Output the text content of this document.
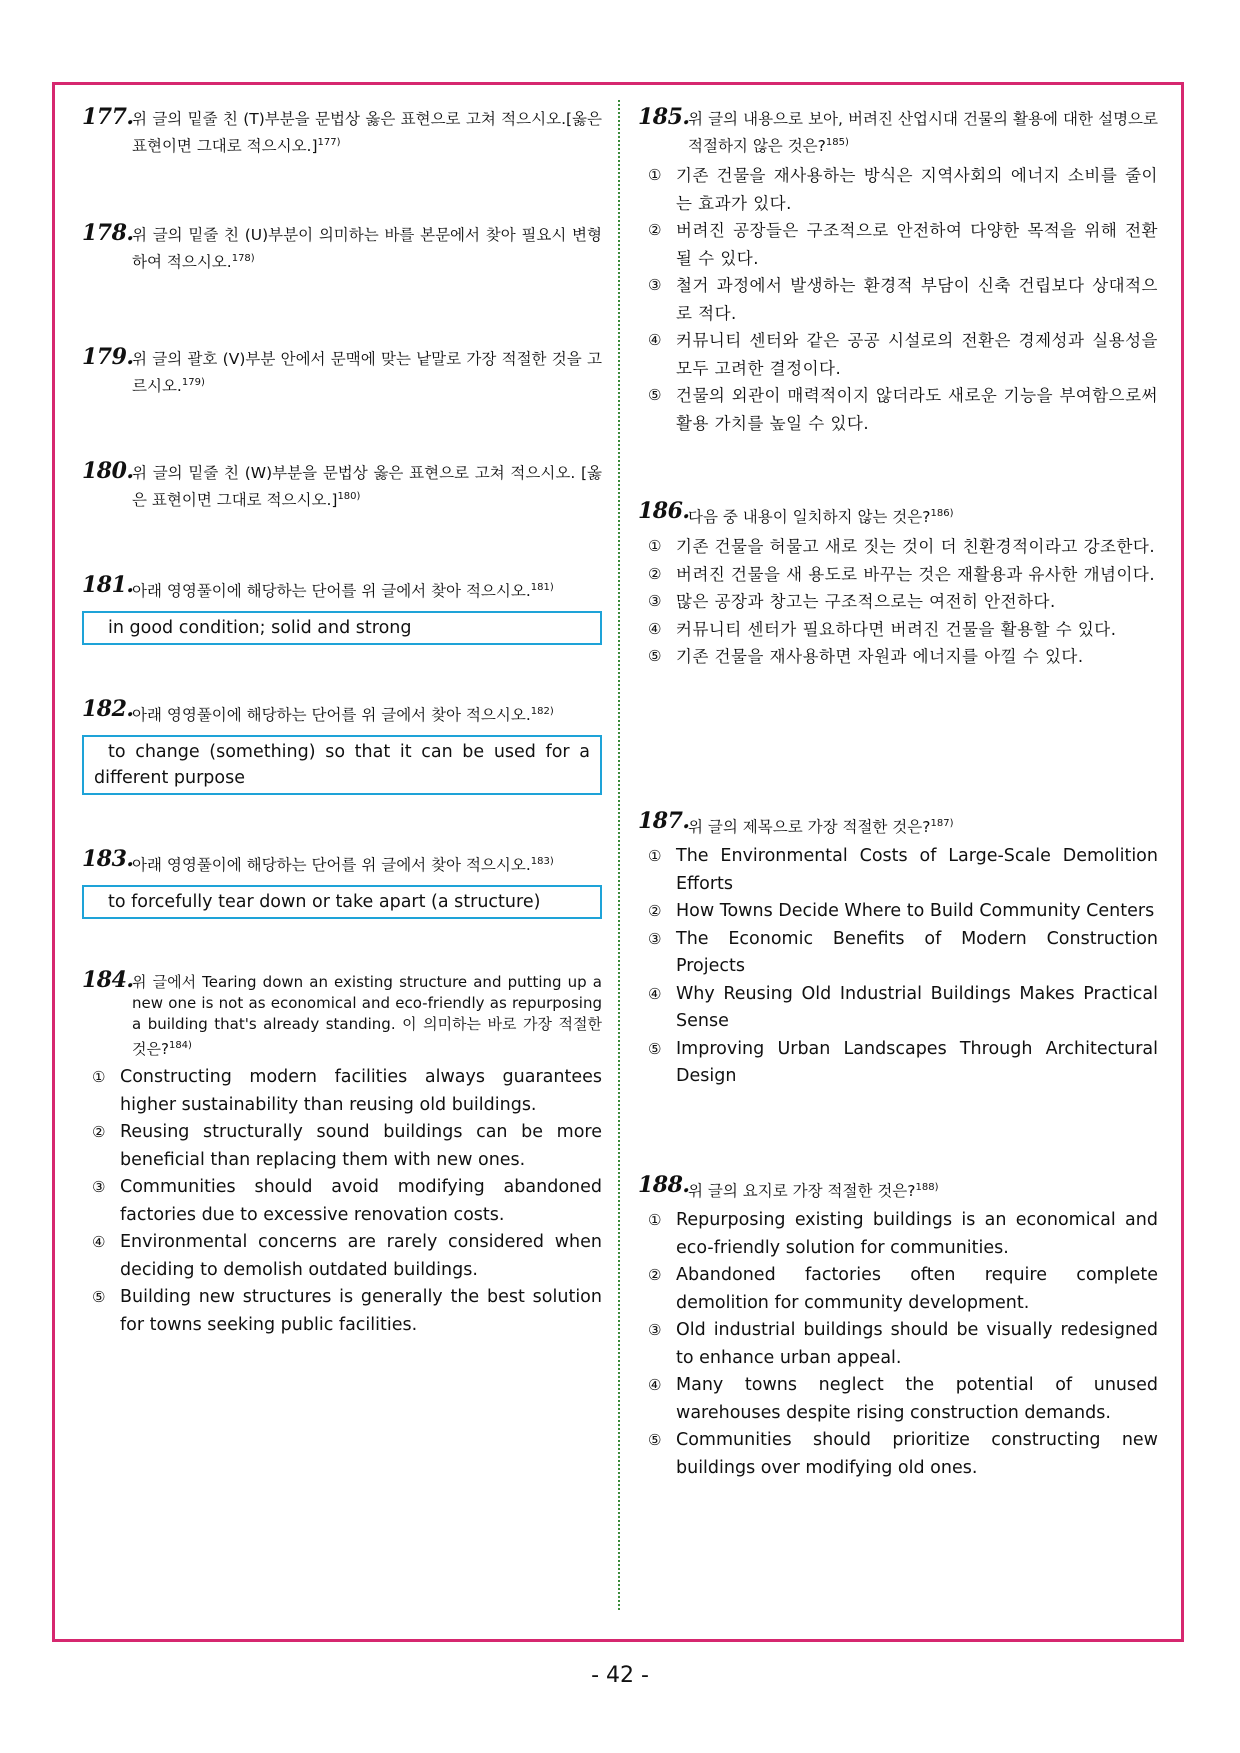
177.
위 글의 밑줄 친 (T)부분을 문법상 옳은 표현으로 고쳐 적으시오.[옳은 표현이면 그대로 적으시오.]$^{177)}$
178.
위 글의 밑줄 친 (U)부분이 의미하는 바를 본문에서 찾아 필요시 변형하여 적으시오.$^{178)}$
179.
위 글의 괄호 (V)부분 안에서 문맥에 맞는 낱말로 가장 적절한 것을 고르시오.$^{179)}$
180.
위 글의 밑줄 친 (W)부분을 문법상 옳은 표현으로 고쳐 적으시오. [옳은 표현이면 그대로 적으시오.]$^{180)}$
181.
아래 영영풀이에 해당하는 단어를 위 글에서 찾아 적으시오.$^{181)}$
in good condition; solid and strong
182.
아래 영영풀이에 해당하는 단어를 위 글에서 찾아 적으시오.$^{182)}$
to change (something) so that it can be used for a different purpose
183.
아래 영영풀이에 해당하는 단어를 위 글에서 찾아 적으시오.$^{183)}$
to forcefully tear down or take apart (a structure)
184.
위 글에서 Tearing down an existing structure and putting up a new one is not as economical and eco-friendly as repurposing a building that's already standing. 이 의미하는 바로 가장 적절한 것은?$^{184)}$
① Constructing modern facilities always guarantees higher sustainability than reusing old buildings.
② Reusing structurally sound buildings can be more beneficial than replacing them with new ones.
③ Communities should avoid modifying abandoned factories due to excessive renovation costs.
④ Environmental concerns are rarely considered when deciding to demolish outdated buildings.
⑤ Building new structures is generally the best solution for towns seeking public facilities.
185.
위 글의 내용으로 보아, 버려진 산업시대 건물의 활용에 대한 설명으로 적절하지 않은 것은?$^{185)}$
① 기존 건물을 재사용하는 방식은 지역사회의 에너지 소비를 줄이는 효과가 있다.
② 버려진 공장들은 구조적으로 안전하여 다양한 목적을 위해 전환될 수 있다.
③ 철거 과정에서 발생하는 환경적 부담이 신축 건립보다 상대적으로 적다.
④ 커뮤니티 센터와 같은 공공 시설로의 전환은 경제성과 실용성을 모두 고려한 결정이다.
⑤ 건물의 외관이 매력적이지 않더라도 새로운 기능을 부여함으로써 활용 가치를 높일 수 있다.
186.
다음 중 내용이 일치하지 않는 것은?$^{186)}$
① 기존 건물을 허물고 새로 짓는 것이 더 친환경적이라고 강조한다.
② 버려진 건물을 새 용도로 바꾸는 것은 재활용과 유사한 개념이다.
③ 많은 공장과 창고는 구조적으로는 여전히 안전하다.
④ 커뮤니티 센터가 필요하다면 버려진 건물을 활용할 수 있다.
⑤ 기존 건물을 재사용하면 자원과 에너지를 아낄 수 있다.
187.
위 글의 제목으로 가장 적절한 것은?$^{187)}$
① The Environmental Costs of Large-Scale Demolition Efforts
② How Towns Decide Where to Build Community Centers
③ The Economic Benefits of Modern Construction Projects
④ Why Reusing Old Industrial Buildings Makes Practical Sense
⑤ Improving Urban Landscapes Through Architectural Design
188.
위 글의 요지로 가장 적절한 것은?$^{188)}$
① Repurposing existing buildings is an economical and eco-friendly solution for communities.
② Abandoned factories often require complete demolition for community development.
③ Old industrial buildings should be visually redesigned to enhance urban appeal.
④ Many towns neglect the potential of unused warehouses despite rising construction demands.
⑤ Communities should prioritize constructing new buildings over modifying old ones.
- 42 -
